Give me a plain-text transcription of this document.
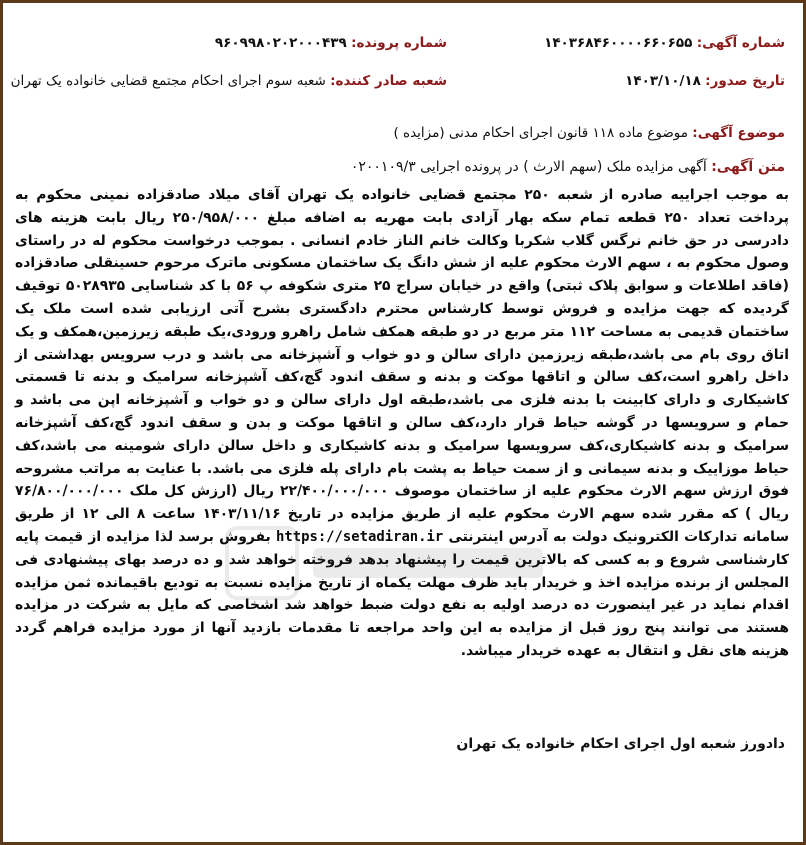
شماره آگهی: ۱۴۰۳۶۸۴۶۰۰۰۰۶۶۰۶۵۵
شماره پرونده: ۹۶۰۹۹۸۰۲۰۲۰۰۰۴۳۹
تاریخ صدور: ۱۴۰۳/۱۰/۱۸
شعبه صادر کننده: شعبه سوم اجرای احکام مجتمع قضایی خانواده یک تهران
موضوع آگهی: موضوع ماده ۱۱۸ قانون اجرای احکام مدنی (مزایده )
متن آگهی: آگهی مزایده ملک (سهم الارث ) در پرونده اجرایی ۰۲۰۰۱۰۹/۳
به موجب اجراییه صادره از شعبه ۲۵۰ مجتمع قضایی خانواده یک تهران آقای میلاد صادقزاده نمینی محکوم به پرداخت تعداد ۲۵۰ قطعه تمام سکه بهار آزادی بابت مهریه به اضافه مبلغ ۲۵۰/۹۵۸/۰۰۰ ریال بابت هزینه های دادرسی در حق خانم نرگس گلاب شکربا وکالت خانم الناز خادم انسانی . بموجب درخواست محکوم له در راستای وصول محکوم به ، سهم الارث محکوم علیه از شش دانگ یک ساختمان مسکونی ماترک مرحوم حسینقلی صادقزاده (فاقد اطلاعات و سوابق پلاک ثبتی) واقع در خیابان سراج ۲۵ متری شکوفه پ ۵۶ با کد شناسایی ۵۰۲۸۹۳۵ توقیف گردیده که جهت مزایده و فروش توسط کارشناس محترم دادگستری بشرح آتی ارزیابی شده است ملک یک ساختمان قدیمی به مساحت ۱۱۲ متر مربع در دو طبقه همکف شامل راهرو ورودی،یک طبقه زیرزمین،همکف و یک اتاق روی بام می باشد،طبقه زیرزمین دارای سالن و دو خواب و آشپزخانه می باشد و درب سرویس بهداشتی از داخل راهرو است،کف سالن و اتاقها موکت و بدنه و سقف اندود گچ،کف آشپزخانه سرامیک و بدنه تا قسمتی کاشیکاری و دارای کابینت با بدنه فلزی می باشد،طبقه اول دارای سالن و دو خواب و آشپزخانه اپن می باشد و حمام و سرویسها در گوشه حیاط قرار دارد،کف سالن و اتاقها موکت و بدن و سقف اندود گچ،کف آشپزخانه سرامیک و بدنه کاشیکاری،کف سرویسها سرامیک و بدنه کاشیکاری و داخل سالن دارای شومینه می باشد،کف حیاط موزاییک و بدنه سیمانی و از سمت حیاط به پشت بام دارای پله فلزی می باشد. با عنایت به مراتب مشروحه فوق ارزش سهم الارث محکوم علیه از ساختمان موصوف ۲۲/۴۰۰/۰۰۰/۰۰۰ ریال (ارزش کل ملک ۷۶/۸۰۰/۰۰۰/۰۰۰ ریال ) که مقرر شده سهم الارث محکوم علیه از طریق مزایده در تاریخ ۱۴۰۳/۱۱/۱۶ ساعت ۸ الی ۱۲ از طریق سامانه تدارکات الکترونیک دولت به آدرس اینترنتی https://setadiran.ir بفروش برسد لذا مزایده از قیمت پایه کارشناسی شروع و به کسی که بالاترین قیمت را پیشنهاد بدهد فروخته خواهد شد و ده درصد بهای پیشنهادی فی المجلس از برنده مزایده اخذ و خریدار باید ظرف مهلت یکماه از تاریخ مزایده نسبت به تودیع باقیمانده ثمن مزایده اقدام نماید در غیر اینصورت ده درصد اولیه به نفع دولت ضبط خواهد شد اشخاصی که مایل به شرکت در مزایده هستند می توانند پنج روز قبل از مزایده به این واحد مراجعه تا مقدمات بازدید آنها از مورد مزایده فراهم گردد هزینه های نقل و انتقال به عهده خریدار میباشد.
دادورز شعبه اول اجرای احکام خانواده یک تهران
